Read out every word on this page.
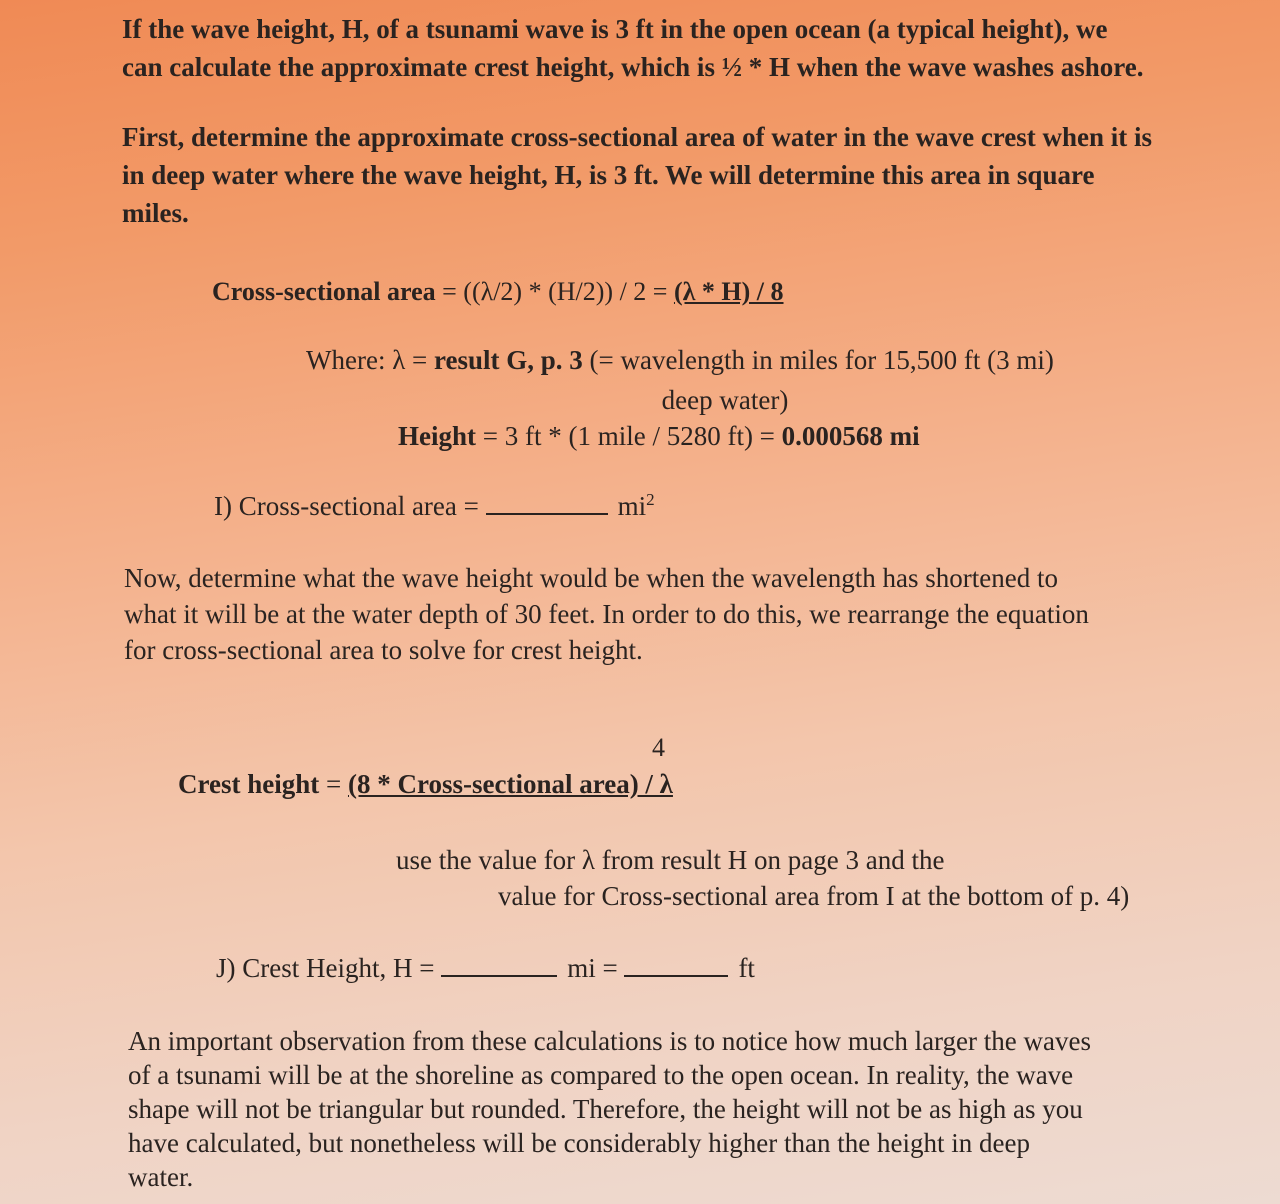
If the wave height, H, of a tsunami wave is 3 ft in the open ocean (a typical height), we
can calculate the approximate crest height, which is ½ * H when the wave washes ashore.
First, determine the approximate cross-sectional area of water in the wave crest when it is
in deep water where the wave height, H, is 3 ft. We will determine this area in square
miles.
Cross-sectional area = ((λ/2) * (H/2)) / 2 = (λ * H) / 8
Where: λ = result G, p. 3 (= wavelength in miles for 15,500 ft (3 mi)
deep water)
Height = 3 ft * (1 mile / 5280 ft) = 0.000568 mi
I) Cross-sectional area =	$mi^2$
Now, determine what the wave height would be when the wavelength has shortened to
what it will be at the water depth of 30 feet. In order to do this, we rearrange the equation
for cross-sectional area to solve for crest height.
4
Crest height = (8 * Cross-sectional area) / λ
use the value for λ from result H on page 3 and the
value for Cross-sectional area from I at the bottom of p. 4)
J) Crest Height, H =	mi =	ft
An important observation from these calculations is to notice how much larger the waves
of a tsunami will be at the shoreline as compared to the open ocean. In reality, the wave
shape will not be triangular but rounded. Therefore, the height will not be as high as you
have calculated, but nonetheless will be considerably higher than the height in deep
water.
